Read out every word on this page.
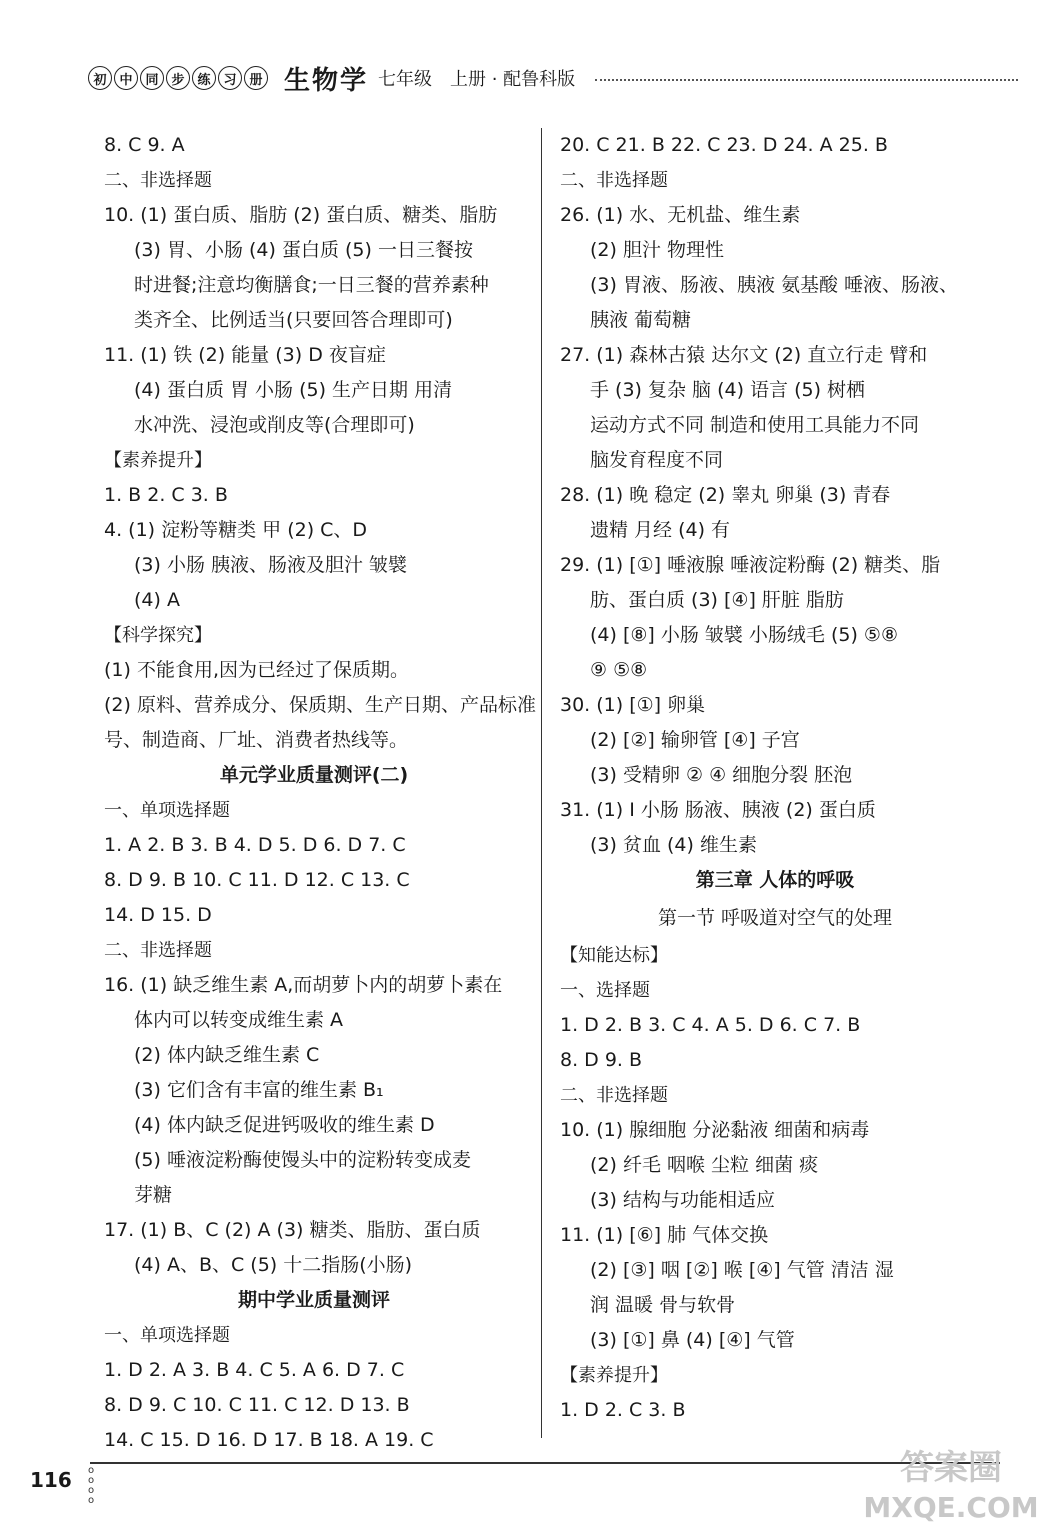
初 中 同 步 练 习 册 生物学 七年级 上册 · 配鲁科版
8. C 9. A
二、非选择题
10. (1) 蛋白质、脂肪 (2) 蛋白质、糖类、脂肪
(3) 胃、小肠 (4) 蛋白质 (5) 一日三餐按
时进餐;注意均衡膳食;一日三餐的营养素种
类齐全、比例适当(只要回答合理即可)
11. (1) 铁 (2) 能量 (3) D 夜盲症
(4) 蛋白质 胃 小肠 (5) 生产日期 用清
水冲洗、浸泡或削皮等(合理即可)
【素养提升】
1. B 2. C 3. B
4. (1) 淀粉等糖类 甲 (2) C、D
(3) 小肠 胰液、肠液及胆汁 皱襞
(4) A
【科学探究】
(1) 不能食用,因为已经过了保质期。
(2) 原料、营养成分、保质期、生产日期、产品标准
号、制造商、厂址、消费者热线等。
单元学业质量测评(二)
一、单项选择题
1. A 2. B 3. B 4. D 5. D 6. D 7. C
8. D 9. B 10. C 11. D 12. C 13. C
14. D 15. D
二、非选择题
16. (1) 缺乏维生素 A,而胡萝卜内的胡萝卜素在
体内可以转变成维生素 A
(2) 体内缺乏维生素 C
(3) 它们含有丰富的维生素 B₁
(4) 体内缺乏促进钙吸收的维生素 D
(5) 唾液淀粉酶使馒头中的淀粉转变成麦
芽糖
17. (1) B、C (2) A (3) 糖类、脂肪、蛋白质
(4) A、B、C (5) 十二指肠(小肠)
期中学业质量测评
一、单项选择题
1. D 2. A 3. B 4. C 5. A 6. D 7. C
8. D 9. C 10. C 11. C 12. D 13. B
14. C 15. D 16. D 17. B 18. A 19. C
20. C 21. B 22. C 23. D 24. A 25. B
二、非选择题
26. (1) 水、无机盐、维生素
(2) 胆汁 物理性
(3) 胃液、肠液、胰液 氨基酸 唾液、肠液、
胰液 葡萄糖
27. (1) 森林古猿 达尔文 (2) 直立行走 臂和
手 (3) 复杂 脑 (4) 语言 (5) 树栖
运动方式不同 制造和使用工具能力不同
脑发育程度不同
28. (1) 晚 稳定 (2) 睾丸 卵巢 (3) 青春
遗精 月经 (4) 有
29. (1) [①] 唾液腺 唾液淀粉酶 (2) 糖类、脂
肪、蛋白质 (3) [④] 肝脏 脂肪
(4) [⑧] 小肠 皱襞 小肠绒毛 (5) ⑤⑧
⑨ ⑤⑧
30. (1) [①] 卵巢
(2) [②] 输卵管 [④] 子宫
(3) 受精卵 ② ④ 细胞分裂 胚泡
31. (1) Ⅰ 小肠 肠液、胰液 (2) 蛋白质
(3) 贫血 (4) 维生素
第三章 人体的呼吸
第一节 呼吸道对空气的处理
【知能达标】
一、选择题
1. D 2. B 3. C 4. A 5. D 6. C 7. B
8. D 9. B
二、非选择题
10. (1) 腺细胞 分泌黏液 细菌和病毒
(2) 纤毛 咽喉 尘粒 细菌 痰
(3) 结构与功能相适应
11. (1) [⑥] 肺 气体交换
(2) [③] 咽 [②] 喉 [④] 气管 清洁 湿
润 温暖 骨与软骨
(3) [①] 鼻 (4) [④] 气管
【素养提升】
1. D 2. C 3. B
o
o
o
o
116	答案圈
MXQE.COM
